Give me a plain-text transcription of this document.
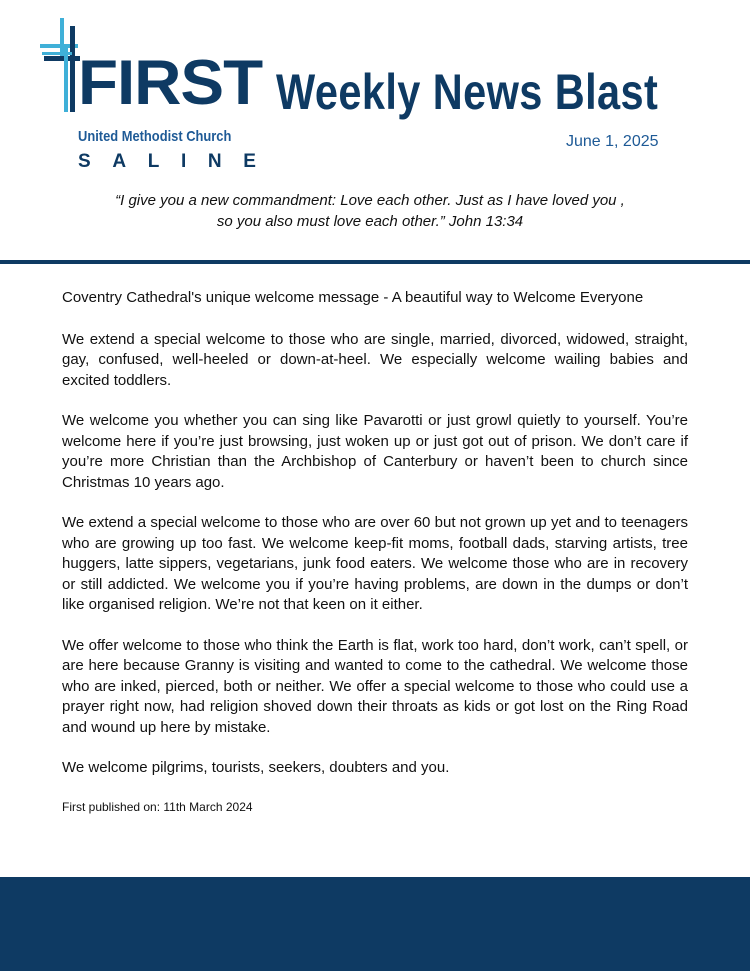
FIRST
United Methodist Church
S A L I N E
Weekly News Blast
June 1, 2025
“I give you a new commandment: Love each other. Just as I have loved you ,
so you also must love each other.” John 13:34
Coventry Cathedral's unique welcome message - A beautiful way to Welcome Everyone

We extend a special welcome to those who are single, married, divorced, widowed, straight, gay, confused, well-heeled or down-at-heel. We especially welcome wailing babies and excited toddlers.

We welcome you whether you can sing like Pavarotti or just growl quietly to yourself. You’re welcome here if you’re just browsing, just woken up or just got out of prison. We don’t care if you’re more Christian than the Archbishop of Canterbury or haven’t been to church since Christmas 10 years ago.

We extend a special welcome to those who are over 60 but not grown up yet and to teenagers who are growing up too fast. We welcome keep-fit moms, football dads, starving artists, tree huggers, latte sippers, vegetarians, junk food eaters. We welcome those who are in recovery or still addicted. We welcome you if you’re having problems, are down in the dumps or don’t like organised religion. We’re not that keen on it either.

We offer welcome to those who think the Earth is flat, work too hard, don’t work, can’t spell, or are here because Granny is visiting and wanted to come to the cathedral. We welcome those who are inked, pierced, both or neither. We offer a special welcome to those who could use a prayer right now, had religion shoved down their throats as kids or got lost on the Ring Road and wound up here by mistake.

We welcome pilgrims, tourists, seekers, doubters and you.

First published on: 11th March 2024
